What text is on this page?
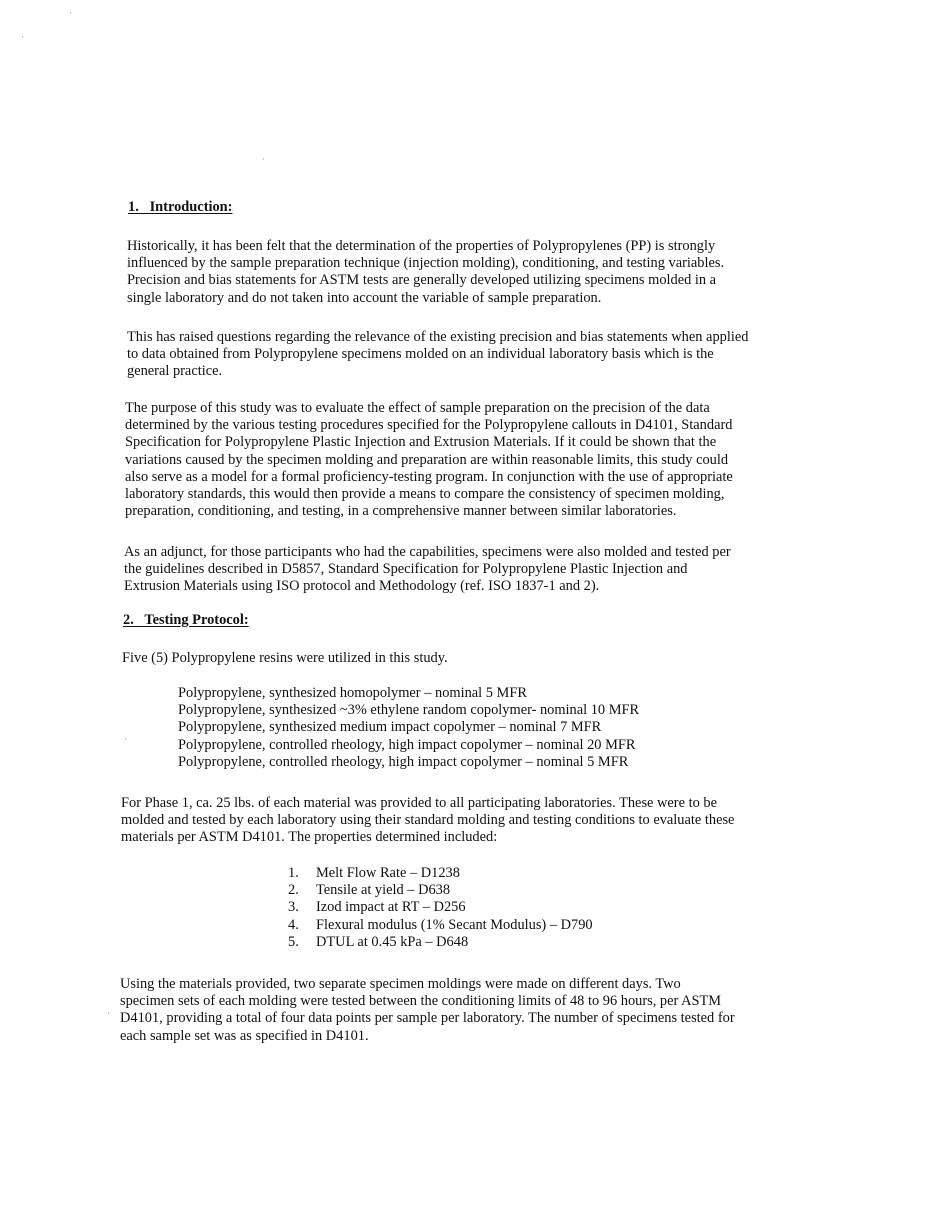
1.   Introduction:
Historically, it has been felt that the determination of the properties of Polypropylenes (PP) is strongly
influenced by the sample preparation technique (injection molding), conditioning, and testing variables.
Precision and bias statements for ASTM tests are generally developed utilizing specimens molded in a
single laboratory and do not taken into account the variable of sample preparation.
This has raised questions regarding the relevance of the existing precision and bias statements when applied
to data obtained from Polypropylene specimens molded on an individual laboratory basis which is the
general practice.
The purpose of this study was to evaluate the effect of sample preparation on the precision of the data
determined by the various testing procedures specified for the Polypropylene callouts in D4101, Standard
Specification for Polypropylene Plastic Injection and Extrusion Materials. If it could be shown that the
variations caused by the specimen molding and preparation are within reasonable limits, this study could
also serve as a model for a formal proficiency-testing program. In conjunction with the use of appropriate
laboratory standards, this would then provide a means to compare the consistency of specimen molding,
preparation, conditioning, and testing, in a comprehensive manner between similar laboratories.
As an adjunct, for those participants who had the capabilities, specimens were also molded and tested per
the guidelines described in D5857, Standard Specification for Polypropylene Plastic Injection and
Extrusion Materials using ISO protocol and Methodology (ref. ISO 1837-1 and 2).
2.   Testing Protocol:
Five (5) Polypropylene resins were utilized in this study.
Polypropylene, synthesized homopolymer – nominal 5 MFR
Polypropylene, synthesized ~3% ethylene random copolymer- nominal 10 MFR
Polypropylene, synthesized medium impact copolymer – nominal 7 MFR
Polypropylene, controlled rheology, high impact copolymer – nominal 20 MFR
Polypropylene, controlled rheology, high impact copolymer – nominal 5 MFR
For Phase 1, ca. 25 lbs. of each material was provided to all participating laboratories. These were to be
molded and tested by each laboratory using their standard molding and testing conditions to evaluate these
materials per ASTM D4101. The properties determined included:
1. Melt Flow Rate – D1238
2. Tensile at yield – D638
3. Izod impact at RT – D256
4. Flexural modulus (1% Secant Modulus) – D790
5. DTUL at 0.45 kPa – D648
Using the materials provided, two separate specimen moldings were made on different days. Two
specimen sets of each molding were tested between the conditioning limits of 48 to 96 hours, per ASTM
D4101, providing a total of four data points per sample per laboratory. The number of specimens tested for
each sample set was as specified in D4101.
